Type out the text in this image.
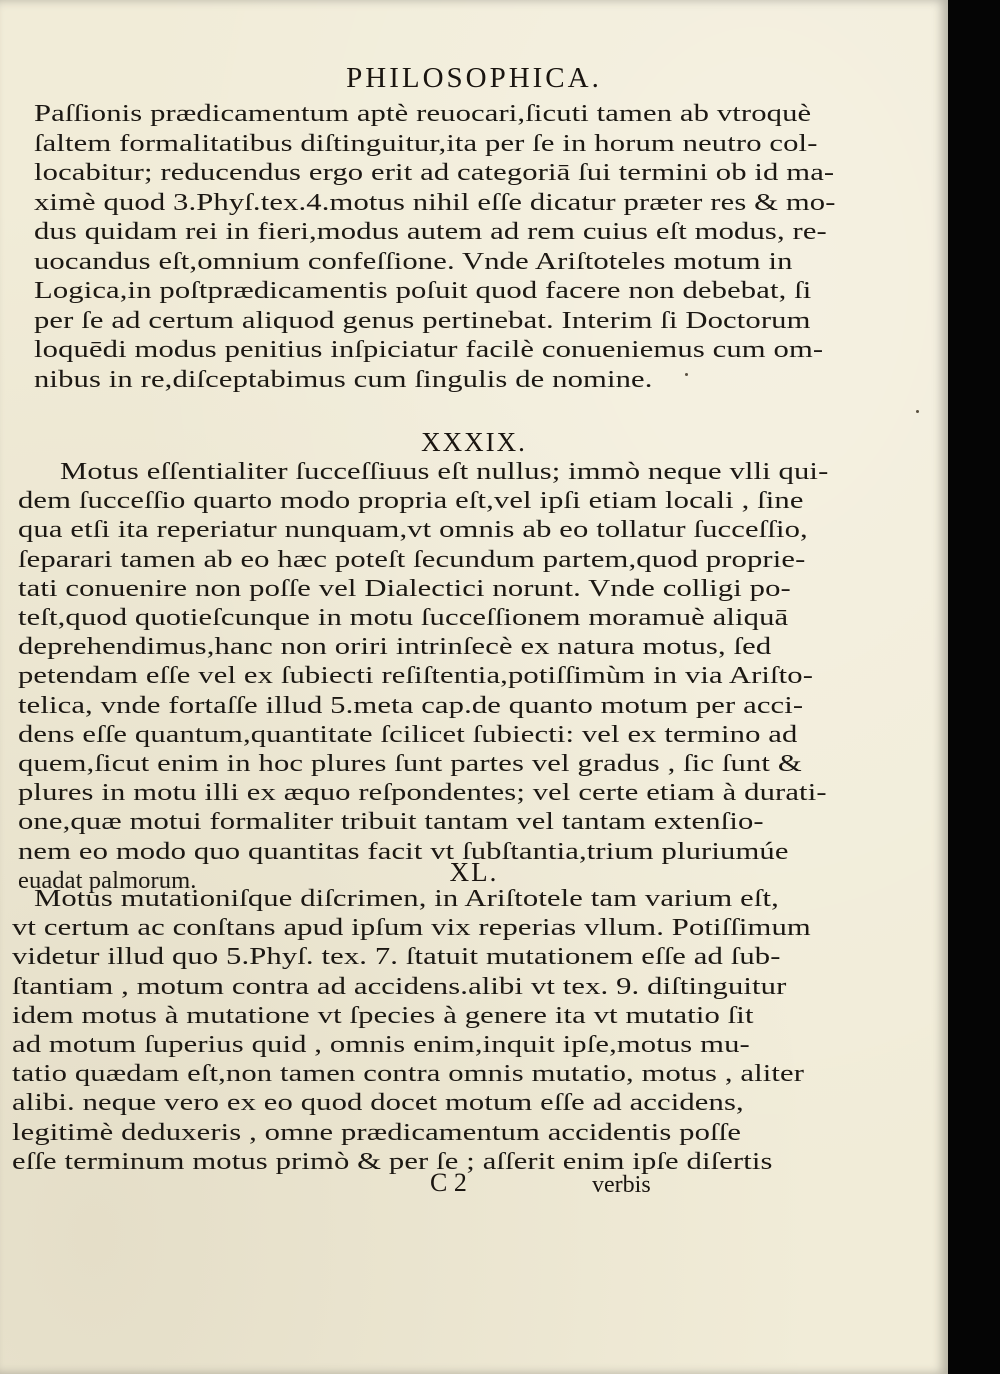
PHILOSOPHICA.
Paſſionis prædicamentum aptè reuocari,ſicuti tamen ab vtroquè
ſaltem formalitatibus diſtinguitur,ita per ſe in horum neutro col-
locabitur; reducendus ergo erit ad categoriā ſui termini ob id ma-
ximè quod 3.Phyſ.tex.4.motus nihil eſſe dicatur præter res & mo-
dus quidam rei in fieri,modus autem ad rem cuius eſt modus, re-
uocandus eſt,omnium confeſſione. Vnde Ariſtoteles motum in
Logica,in poſtprædicamentis poſuit quod facere non debebat, ſi
per ſe ad certum aliquod genus pertinebat. Interim ſi Doctorum
loquēdi modus penitius inſpiciatur facilè conueniemus cum om-
nibus in re,diſceptabimus cum ſingulis de nomine.
XXXIX.
Motus eſſentialiter ſucceſſiuus eſt nullus; immò neque vlli qui-
dem ſucceſſio quarto modo propria eſt,vel ipſi etiam locali , ſine
qua etſi ita reperiatur nunquam,vt omnis ab eo tollatur ſucceſſio,
ſeparari tamen ab eo hæc poteſt ſecundum partem,quod proprie-
tati conuenire non poſſe vel Dialectici norunt. Vnde colligi po-
teſt,quod quotieſcunque in motu ſucceſſionem moramuè aliquā
deprehendimus,hanc non oriri intrinſecè ex natura motus, ſed
petendam eſſe vel ex ſubiecti reſiſtentia,potiſſimùm in via Ariſto-
telica, vnde fortaſſe illud 5.meta cap.de quanto motum per acci-
dens eſſe quantum,quantitate ſcilicet ſubiecti: vel ex termino ad
quem,ſicut enim in hoc plures ſunt partes vel gradus , ſic ſunt &
plures in motu illi ex æquo reſpondentes; vel certe etiam à durati-
one,quæ motui formaliter tribuit tantam vel tantam extenſio-
nem eo modo quo quantitas facit vt ſubſtantia,trium pluriumúe
euadat palmorum.	XL.
Motus mutationiſque diſcrimen, in Ariſtotele tam varium eſt,
vt certum ac conſtans apud ipſum vix reperias vllum. Potiſſimum
videtur illud quo 5.Phyſ. tex. 7. ſtatuit mutationem eſſe ad ſub-
ſtantiam , motum contra ad accidens.alibi vt tex. 9. diſtinguitur
idem motus à mutatione vt ſpecies à genere ita vt mutatio ſit
ad motum ſuperius quid , omnis enim,inquit ipſe,motus mu-
tatio quædam eſt,non tamen contra omnis mutatio, motus , aliter
alibi. neque vero ex eo quod docet motum eſſe ad accidens,
legitimè deduxeris , omne prædicamentum accidentis poſſe
eſſe terminum motus primò & per ſe ; aſſerit enim ipſe diſertis
C 2	verbis
